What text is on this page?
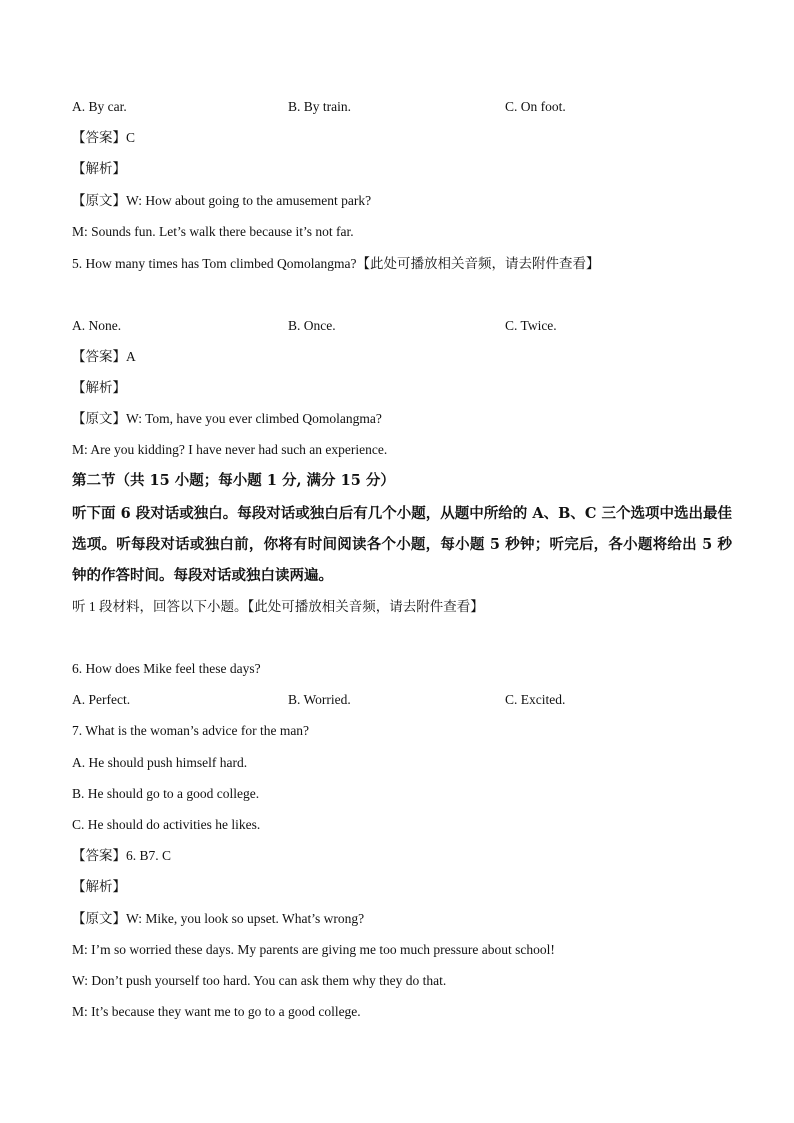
A. By car.	B. By train.	C. On foot.
【答案】C
【解析】
【原文】W: How about going to the amusement park?
M: Sounds fun. Let’s walk there because it’s not far.
5. How many times has Tom climbed Qomolangma?【此处可播放相关音频，请去附件查看】
A. None.	B. Once.	C. Twice.
【答案】A
【解析】
【原文】W: Tom, have you ever climbed Qomolangma?
M: Are you kidding? I have never had such an experience.
第二节（共 15 小题；每小题 1 分, 满分 15 分）
听下面 6 段对话或独白。每段对话或独白后有几个小题，从题中所给的 A、B、C 三个选项中选出最佳选项。听每段对话或独白前，你将有时间阅读各个小题，每小题 5 秒钟；听完后，各小题将给出 5 秒钟的作答时间。每段对话或独白读两遍。
听 1 段材料，回答以下小题。【此处可播放相关音频，请去附件查看】
6. How does Mike feel these days?
A. Perfect.	B. Worried.	C. Excited.
7. What is the woman’s advice for the man?
A. He should push himself hard.
B. He should go to a good college.
C. He should do activities he likes.
【答案】6. B7. C
【解析】
【原文】W: Mike, you look so upset. What’s wrong?
M: I’m so worried these days. My parents are giving me too much pressure about school!
W: Don’t push yourself too hard. You can ask them why they do that.
M: It’s because they want me to go to a good college.
